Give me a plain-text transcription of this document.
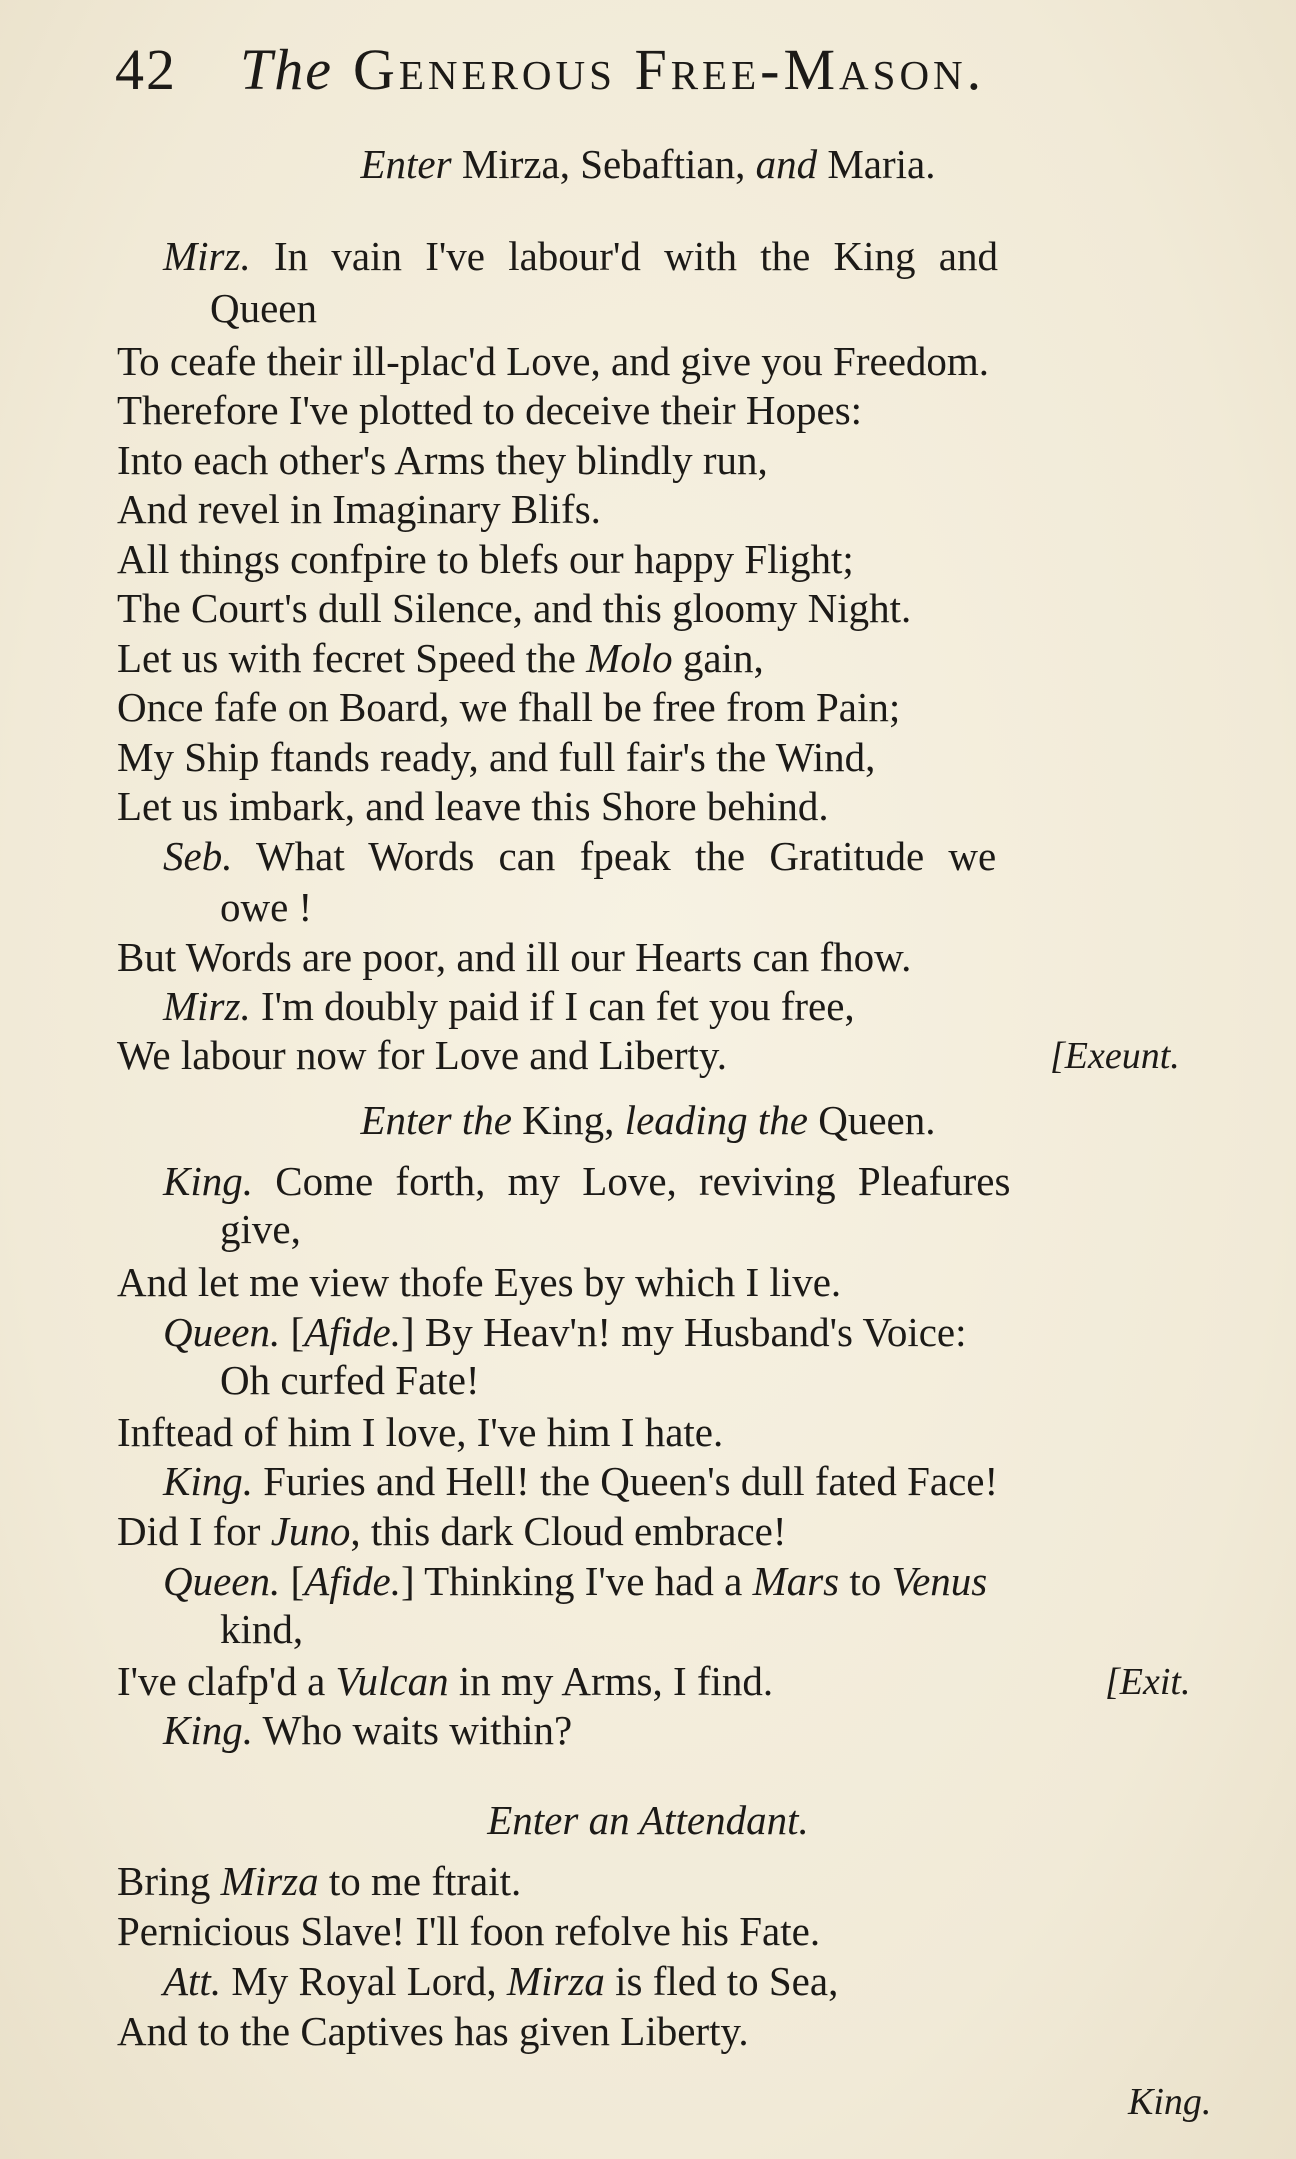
42 The Generous Free-Mason.
Enter Mirza, Sebaftian, and Maria.
Mirz. In vain I've labour'd with the King and
Queen
To ceafe their ill-plac'd Love, and give you Freedom.
Therefore I've plotted to deceive their Hopes:
Into each other's Arms they blindly run,
And revel in Imaginary Blifs.
All things confpire to blefs our happy Flight;
The Court's dull Silence, and this gloomy Night.
Let us with fecret Speed the Molo gain,
Once fafe on Board, we fhall be free from Pain;
My Ship ftands ready, and full fair's the Wind,
Let us imbark, and leave this Shore behind.
Seb. What Words can fpeak the Gratitude we
owe !
But Words are poor, and ill our Hearts can fhow.
Mirz. I'm doubly paid if I can fet you free,
We labour now for Love and Liberty.	[Exeunt.
Enter the King, leading the Queen.
King. Come forth, my Love, reviving Pleafures
give,
And let me view thofe Eyes by which I live.
Queen. [Afide.] By Heav'n! my Husband's Voice:
Oh curfed Fate!
Inftead of him I love, I've him I hate.
King. Furies and Hell! the Queen's dull fated Face!
Did I for Juno, this dark Cloud embrace!
Queen. [Afide.] Thinking I've had a Mars to Venus
kind,
I've clafp'd a Vulcan in my Arms, I find.	[Exit.
King. Who waits within?
Enter an Attendant.
Bring Mirza to me ftrait.
Pernicious Slave! I'll foon refolve his Fate.
Att. My Royal Lord, Mirza is fled to Sea,
And to the Captives has given Liberty.
King.
